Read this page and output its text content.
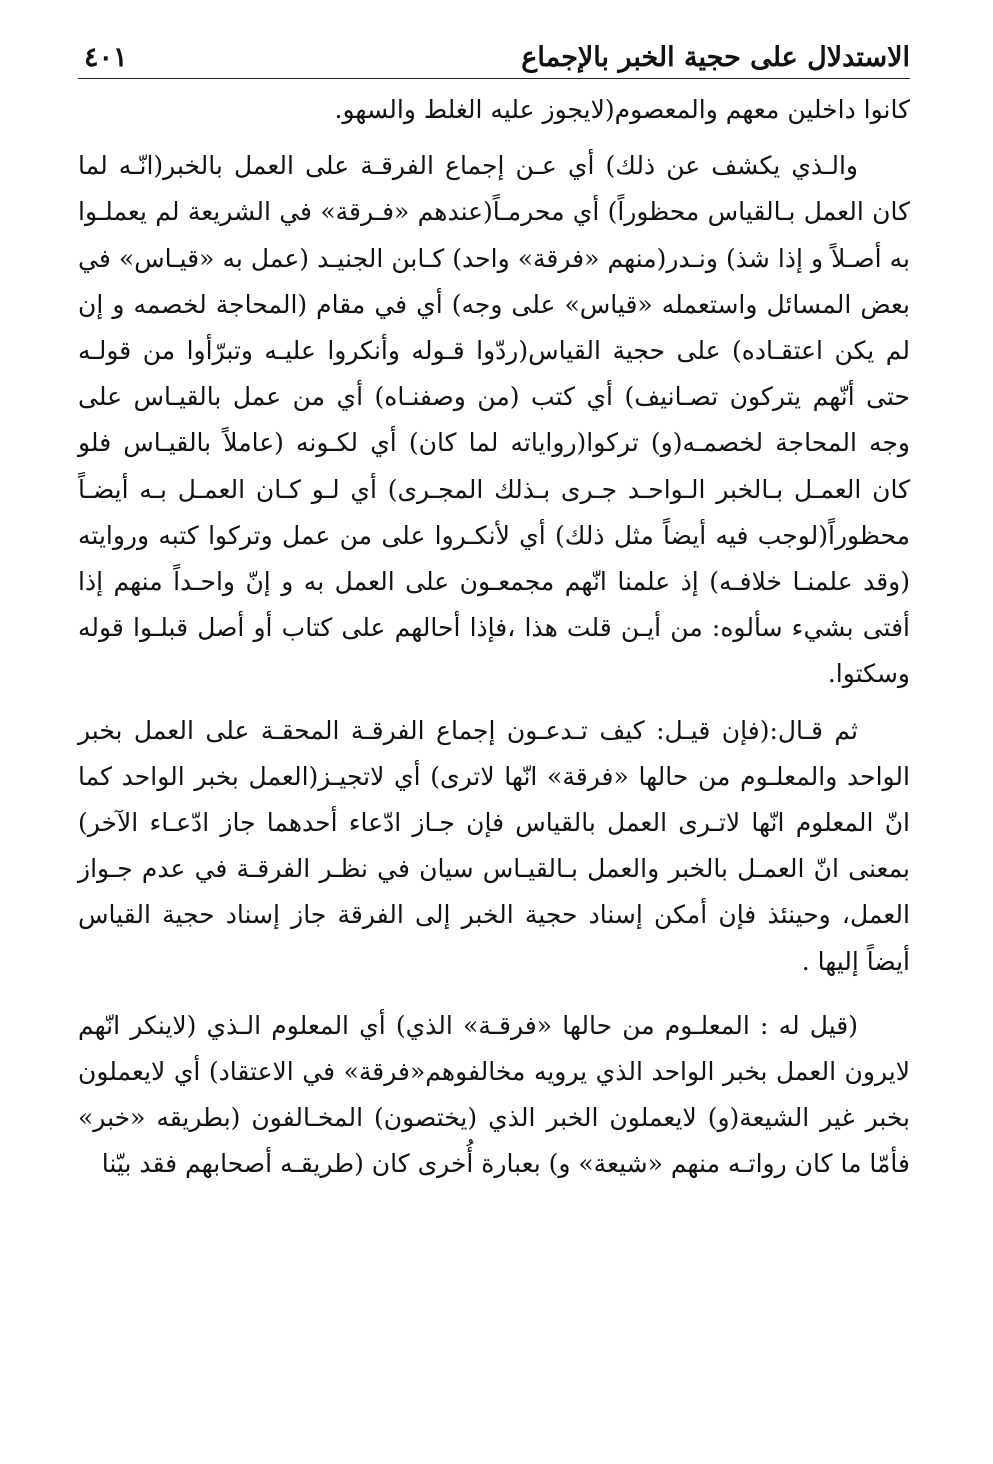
الاستدلال على حجية الخبر بالإجماع
٤٠١

كانوا داخلين معهم والمعصوم(لايجوز عليه الغلط والسهو.

والـذي يكشف عن ذلك) أي عـن إجماع الفرقـة على العمل بالخبر(انّـه لما كان العمل بـالقياس محظوراً) أي محرمـاً(عندهم «فـرقة» في الشريعة لم يعملـوا به أصـلاً و إذا شذ) ونـدر(منهم «فرقة» واحد) كـابن الجنيـد (عمل به «قيـاس» في بعض المسائل واستعمله «قياس» على وجه) أي في مقام (المحاجة لخصمه و إن لم يكن اعتقـاده) على حجية القياس(ردّوا قـوله وأنكروا عليـه وتبرّأوا من قولـه حتى أنّهم يتركون تصـانيف) أي كتب (من وصفنـاه) أي من عمل بالقيـاس على وجه المحاجة لخصمـه(و) تركوا(رواياته لما كان) أي لكـونه (عاملاً بالقيـاس فلو كان العمـل بـالخبر الـواحـد جـرى بـذلك المجـرى) أي لـو كـان العمـل بـه أيضـاً محظوراً(لوجب فيه أيضاً مثل ذلك) أي لأنكـروا على من عمل وتركوا كتبه وروايته (وقد علمنـا خلافـه) إذ علمنا انّهم مجمعـون على العمل به و إنّ واحـداً منهم إذا أفتى بشيء سألوه: من أيـن قلت هذا ،فإذا أحالهم على كتاب أو أصل قبلـوا قوله وسكتوا.

ثم قـال:(فإن قيـل: كيف تـدعـون إجماع الفرقـة المحقـة على العمل بخبر الواحد والمعلـوم من حالها «فرقة» انّها لاترى) أي لاتجيـز(العمل بخبر الواحد كما انّ المعلوم انّها لاتـرى العمل بالقياس فإن جـاز ادّعاء أحدهما جاز ادّعـاء الآخر) بمعنى انّ العمـل بالخبر والعمل بـالقيـاس سيان في نظـر الفرقـة في عدم جـواز العمل، وحينئذ فإن أمكن إسناد حجية الخبر إلى الفرقة جاز إسناد حجية القياس أيضاً إليها .

(قيل له : المعلـوم من حالها «فرقـة» الذي) أي المعلوم الـذي (لاينكر انّهم لايرون العمل بخبر الواحد الذي يرويه مخالفوهم«فرقة» في الاعتقاد) أي لايعملون بخبر غير الشيعة(و) لايعملون الخبر الذي (يختصون) المخـالفون (بطريقه «خبر» فأمّا ما كان رواتـه منهم «شيعة» و) بعبارة أُخرى كان (طريقـه أصحابهم فقد بيّنا
